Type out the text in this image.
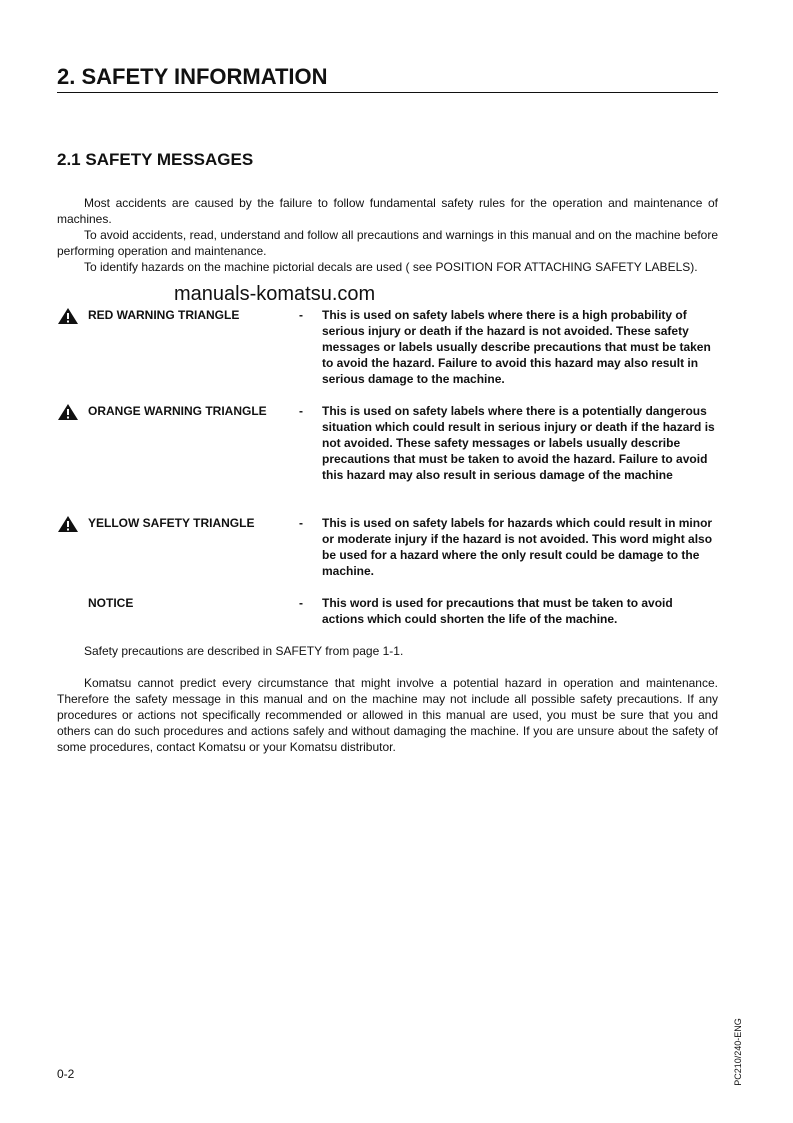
2. SAFETY INFORMATION
2.1 SAFETY MESSAGES
Most accidents are caused by the failure to follow fundamental safety rules for the operation and maintenance of machines.
To avoid accidents, read, understand and follow all precautions and warnings in this manual and on the machine before performing operation and maintenance.
To identify hazards on the machine pictorial decals are used ( see POSITION FOR ATTACHING SAFETY LABELS).
manuals-komatsu.com
RED WARNING TRIANGLE	- This is used on safety labels where there is a high probability of serious injury or death if the hazard is not avoided. These safety messages or labels usually describe precautions that must be taken to avoid the hazard. Failure to avoid this hazard may also result in serious damage to the machine.
ORANGE WARNING TRIANGLE	- This is used on safety labels where there is a potentially dangerous situation which could result in serious injury or death if the hazard is not avoided. These safety messages or labels usually describe precautions that must be taken to avoid the hazard. Failure to avoid this hazard may also result in serious damage of the machine
YELLOW SAFETY TRIANGLE	- This is used on safety labels for hazards which could result in minor or moderate injury if the hazard is not avoided. This word might also be used for a hazard where the only result could be damage to the machine.
NOTICE	- This word is used for precautions that must be taken to avoid actions which could shorten the life of the machine.
Safety precautions are described in SAFETY from page 1-1.
Komatsu cannot predict every circumstance that might involve a potential hazard in operation and maintenance. Therefore the safety message in this manual and on the machine may not include all possible safety precautions. If any procedures or actions not specifically recommended or allowed in this manual are used, you must be sure that you and others can do such procedures and actions safely and without damaging the machine. If you are unsure about the safety of some procedures, contact Komatsu or your Komatsu distributor.
0-2	PC210/240-ENG
